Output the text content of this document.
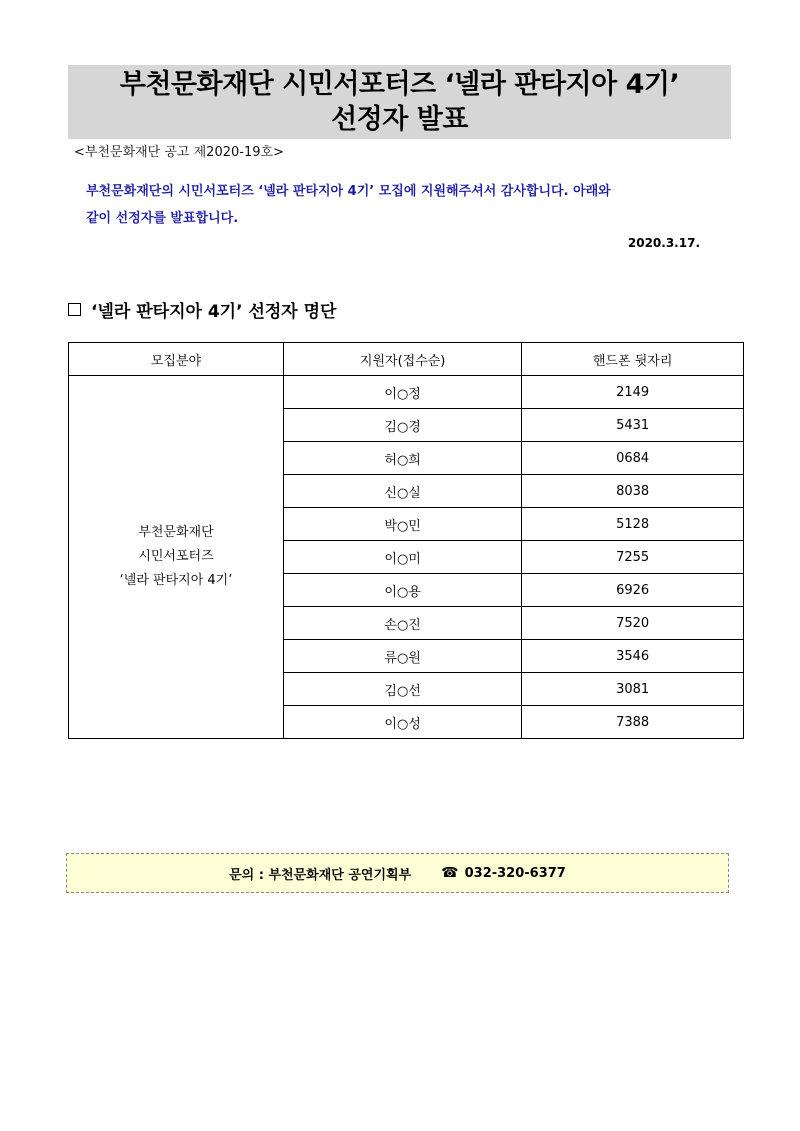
부천문화재단 시민서포터즈 ‘넬라 판타지아 4기’
선정자 발표
<부천문화재단 공고 제2020-19호>
부천문화재단의 시민서포터즈 ‘넬라 판타지아 4기’ 모집에 지원해주셔서 감사합니다. 아래와
같이 선정자를 발표합니다.
2020.3.17.
‘넬라 판타지아 4기’ 선정자 명단
모집분야	지원자(접수순)	핸드폰 뒷자리

부천문화재단
시민서포터즈
‘넬라 판타지아 4기’	이○정	2149
	김○경	5431
	허○희	0684
	신○실	8038
	박○민	5128
	이○미	7255
	이○용	6926
	손○진	7520
	류○원	3546
	김○선	3081
	이○성	7388
문의 : 부천문화재단 공연기획부 ☎ 032-320-6377
